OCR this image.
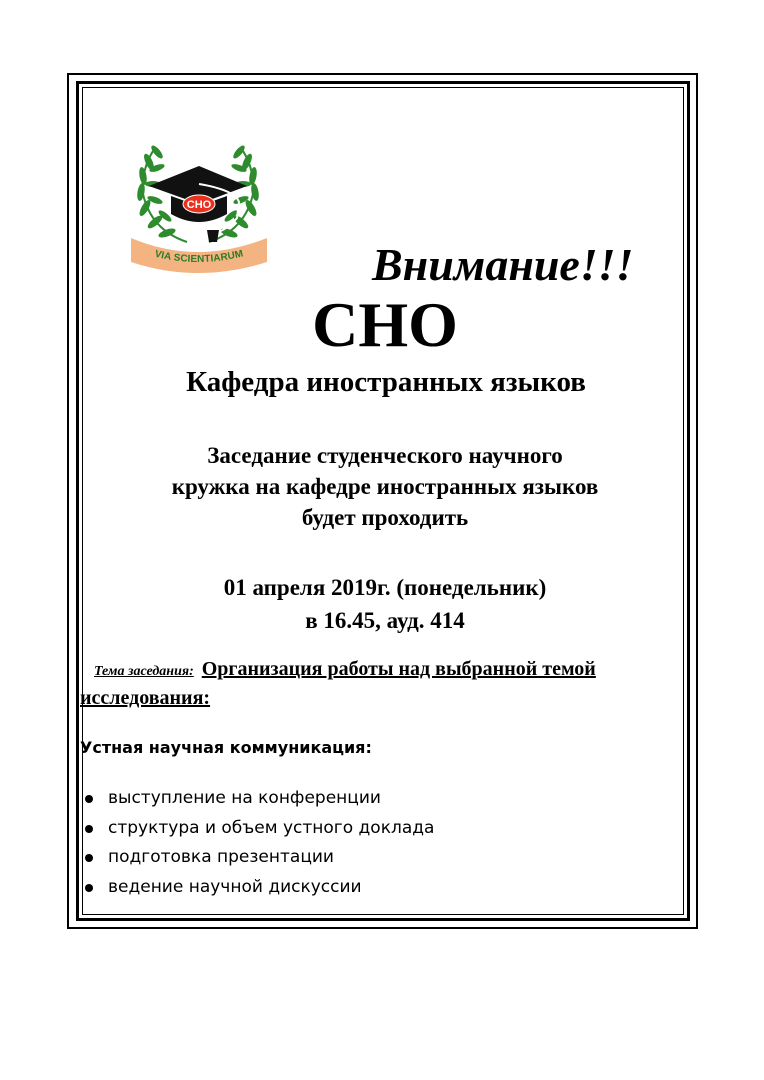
СНО
VIA SCIENTIARUM	Внимание!!!
СНО
Кафедра иностранных языков
Заседание студенческого научного
кружка на кафедре иностранных языков
будет проходить
01 апреля 2019г. (понедельник)
в 16.45, ауд. 414
Тема заседания: Организация работы над выбранной темой исследования:
Устная научная коммуникация:
выступление на конференции
структура и объем устного доклада
подготовка презентации
ведение научной дискуссии
